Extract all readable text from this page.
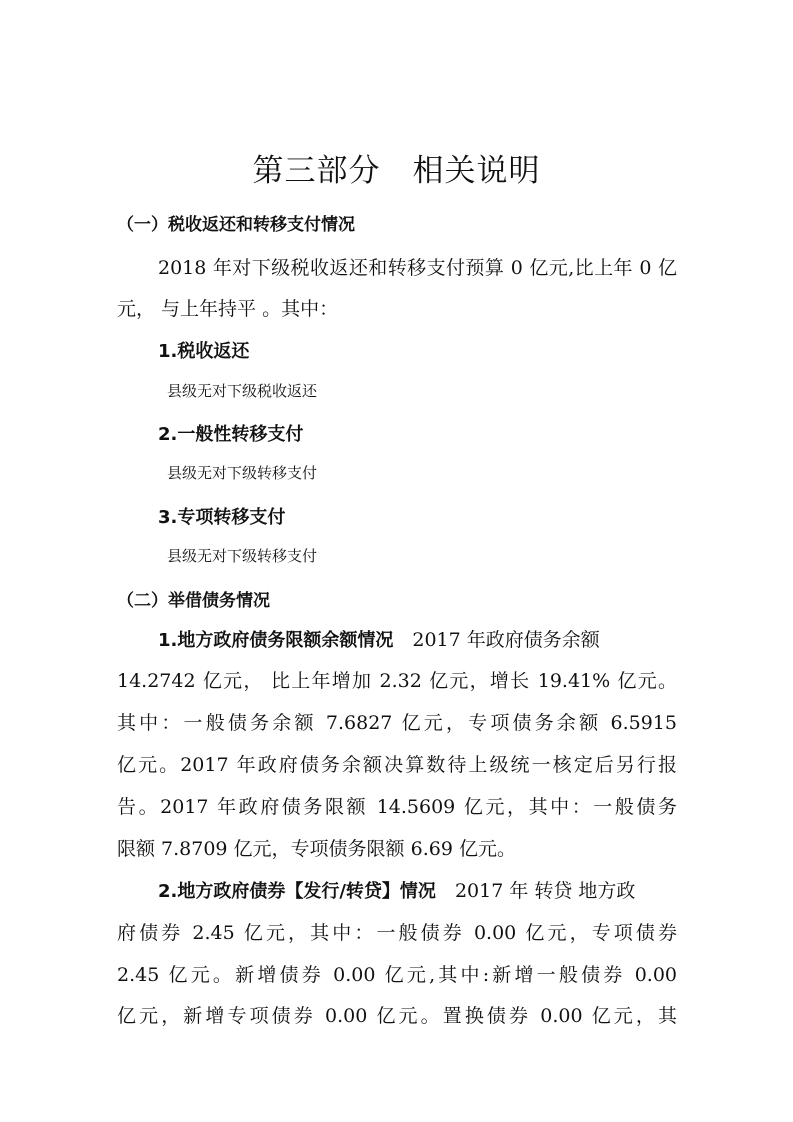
第三部分　相关说明

（一）税收返还和转移支付情况

2018 年对下级税收返还和转移支付预算 0 亿元,比上年 0 亿

元， 与上年持平 。其中：

1.税收返还

县级无对下级税收返还

2.一般性转移支付

县级无对下级转移支付

3.专项转移支付

县级无对下级转移支付

（二）举借债务情况

1.地方政府债务限额余额情况  2017 年政府债务余额

14.2742 亿元， 比上年增加 2.32 亿元，增长 19.41% 亿元。

其中：一般债务余额 7.6827 亿元，专项债务余额 6.5915

亿元。2017 年政府债务余额决算数待上级统一核定后另行报

告。2017 年政府债务限额 14.5609 亿元，其中：一般债务

限额 7.8709 亿元，专项债务限额 6.69 亿元。

2.地方政府债券【发行/转贷】情况  2017 年 转贷 地方政

府债券 2.45 亿元，其中：一般债券 0.00 亿元，专项债券

2.45 亿元。新增债券 0.00 亿元,其中:新增一般债券 0.00

亿元，新增专项债券 0.00 亿元。置换债券 0.00 亿元，其
